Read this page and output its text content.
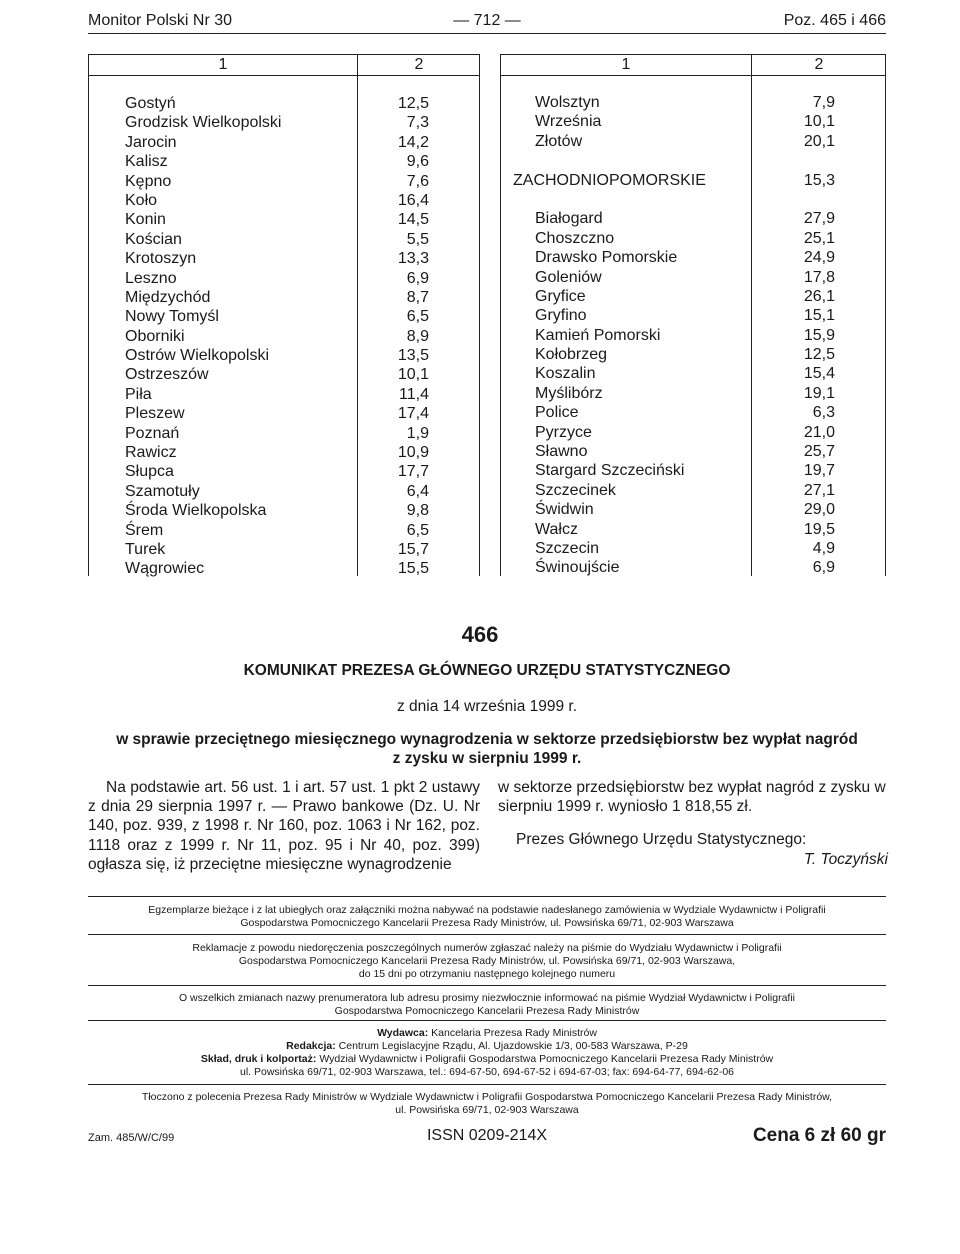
Monitor Polski Nr 30	— 712 —	Poz. 465 i 466
1	2
Gostyń	12,5
Grodzisk Wielkopolski	7,3
Jarocin	14,2
Kalisz	9,6
Kępno	7,6
Koło	16,4
Konin	14,5
Kościan	5,5
Krotoszyn	13,3
Leszno	6,9
Międzychód	8,7
Nowy Tomyśl	6,5
Oborniki	8,9
Ostrów Wielkopolski	13,5
Ostrzeszów	10,1
Piła	11,4
Pleszew	17,4
Poznań	1,9
Rawicz	10,9
Słupca	17,7
Szamotuły	6,4
Środa Wielkopolska	9,8
Śrem	6,5
Turek	15,7
Wągrowiec	15,5
1	2
Wolsztyn	7,9
Września	10,1
Złotów	20,1
ZACHODNIOPOMORSKIE	15,3
Białogard	27,9
Choszczno	25,1
Drawsko Pomorskie	24,9
Goleniów	17,8
Gryfice	26,1
Gryfino	15,1
Kamień Pomorski	15,9
Kołobrzeg	12,5
Koszalin	15,4
Myślibórz	19,1
Police	6,3
Pyrzyce	21,0
Sławno	25,7
Stargard Szczeciński	19,7
Szczecinek	27,1
Świdwin	29,0
Wałcz	19,5
Szczecin	4,9
Świnoujście	6,9
466
KOMUNIKAT PREZESA GŁÓWNEGO URZĘDU STATYSTYCZNEGO
z dnia 14 września 1999 r.
w sprawie przeciętnego miesięcznego wynagrodzenia w sektorze przedsiębiorstw bez wypłat nagród
z zysku w sierpniu 1999 r.

Na podstawie art. 56 ust. 1 i art. 57 ust. 1 pkt 2 ustawy z dnia 29 sierpnia 1997 r. — Prawo bankowe (Dz. U. Nr 140, poz. 939, z 1998 r. Nr 160, poz. 1063 i Nr 162, poz. 1118 oraz z 1999 r. Nr 11, poz. 95 i Nr 40, poz. 399) ogłasza się, iż przeciętne miesięczne wynagrodzenie

w sektorze przedsiębiorstw bez wypłat nagród z zysku w sierpniu 1999 r. wyniosło 1 818,55 zł.

Prezes Głównego Urzędu Statystycznego:

T. Toczyński

Egzemplarze bieżące i z lat ubiegłych oraz załączniki można nabywać na podstawie nadesłanego zamówienia w Wydziale Wydawnictw i Poligrafii
Gospodarstwa Pomocniczego Kancelarii Prezesa Rady Ministrów, ul. Powsińska 69/71, 02-903 Warszawa
Reklamacje z powodu niedoręczenia poszczególnych numerów zgłaszać należy na piśmie do Wydziału Wydawnictw i Poligrafii
Gospodarstwa Pomocniczego Kancelarii Prezesa Rady Ministrów, ul. Powsińska 69/71, 02-903 Warszawa,
do 15 dni po otrzymaniu następnego kolejnego numeru
O wszelkich zmianach nazwy prenumeratora lub adresu prosimy niezwłocznie informować na piśmie Wydział Wydawnictw i Poligrafii
Gospodarstwa Pomocniczego Kancelarii Prezesa Rady Ministrów
Wydawca: Kancelaria Prezesa Rady Ministrów
Redakcja: Centrum Legislacyjne Rządu, Al. Ujazdowskie 1/3, 00-583 Warszawa, P-29
Skład, druk i kolportaż: Wydział Wydawnictw i Poligrafii Gospodarstwa Pomocniczego Kancelarii Prezesa Rady Ministrów
ul. Powsińska 69/71, 02-903 Warszawa, tel.: 694-67-50, 694-67-52 i 694-67-03; fax: 694-64-77, 694-62-06
Tłoczono z polecenia Prezesa Rady Ministrów w Wydziale Wydawnictw i Poligrafii Gospodarstwa Pomocniczego Kancelarii Prezesa Rady Ministrów,
ul. Powsińska 69/71, 02-903 Warszawa
Zam. 485/W/C/99	ISSN 0209-214X	Cena 6 zł 60 gr
